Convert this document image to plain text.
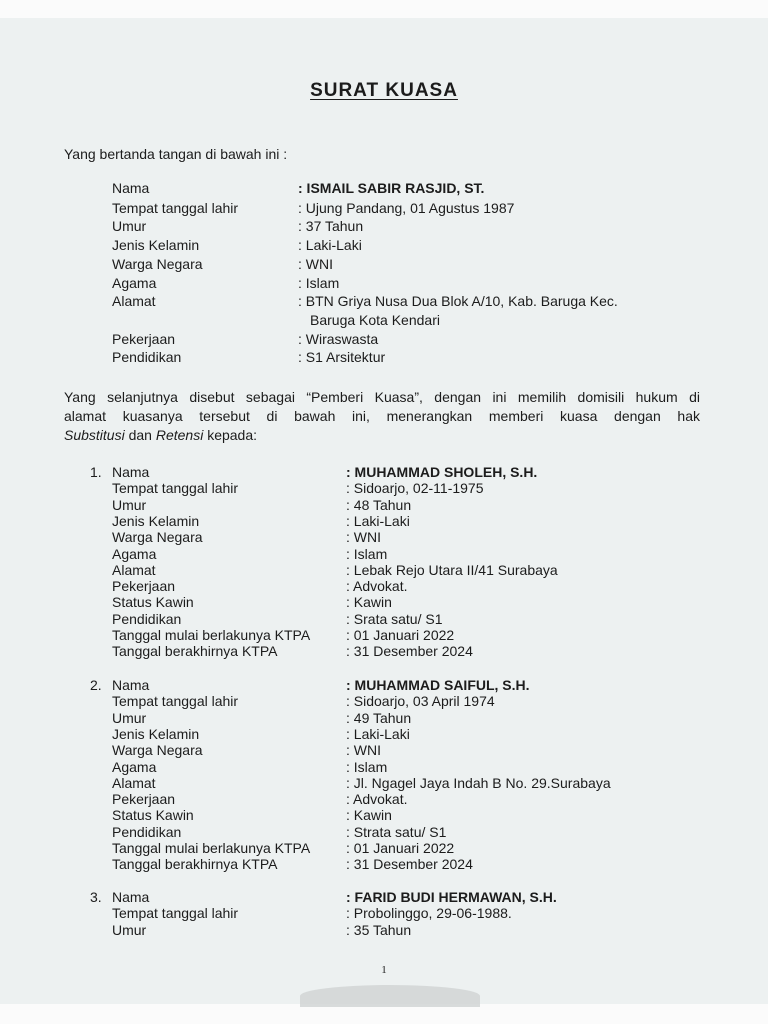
SURAT KUASA
Yang bertanda tangan di bawah ini :
Nama	: ISMAIL SABIR RASJID, ST.
Tempat tanggal lahir	: Ujung Pandang, 01 Agustus 1987
Umur	: 37 Tahun
Jenis Kelamin	: Laki-Laki
Warga Negara	: WNI
Agama	: Islam
Alamat	: BTN Griya Nusa Dua Blok A/10, Kab. Baruga Kec.
Baruga Kota Kendari
Pekerjaan	: Wiraswasta
Pendidikan	: S1 Arsitektur
Yang selanjutnya disebut sebagai “Pemberi Kuasa”, dengan ini memilih domisili hukum di
alamat kuasanya tersebut di bawah ini, menerangkan memberi kuasa dengan hak
Substitusi dan Retensi kepada:
1. Nama	: MUHAMMAD SHOLEH, S.H.
Tempat tanggal lahir	: Sidoarjo, 02-11-1975
Umur	: 48 Tahun
Jenis Kelamin	: Laki-Laki
Warga Negara	: WNI
Agama	: Islam
Alamat	: Lebak Rejo Utara II/41 Surabaya
Pekerjaan	: Advokat.
Status Kawin	: Kawin
Pendidikan	: Srata satu/ S1
Tanggal mulai berlakunya KTPA	: 01 Januari 2022
Tanggal berakhirnya KTPA	: 31 Desember 2024
2. Nama	: MUHAMMAD SAIFUL, S.H.
Tempat tanggal lahir	: Sidoarjo, 03 April 1974
Umur	: 49 Tahun
Jenis Kelamin	: Laki-Laki
Warga Negara	: WNI
Agama	: Islam
Alamat	: Jl. Ngagel Jaya Indah B No. 29.Surabaya
Pekerjaan	: Advokat.
Status Kawin	: Kawin
Pendidikan	: Strata satu/ S1
Tanggal mulai berlakunya KTPA	: 01 Januari 2022
Tanggal berakhirnya KTPA	: 31 Desember 2024
3. Nama	: FARID BUDI HERMAWAN, S.H.
Tempat tanggal lahir	: Probolinggo, 29-06-1988.
Umur	: 35 Tahun
1
